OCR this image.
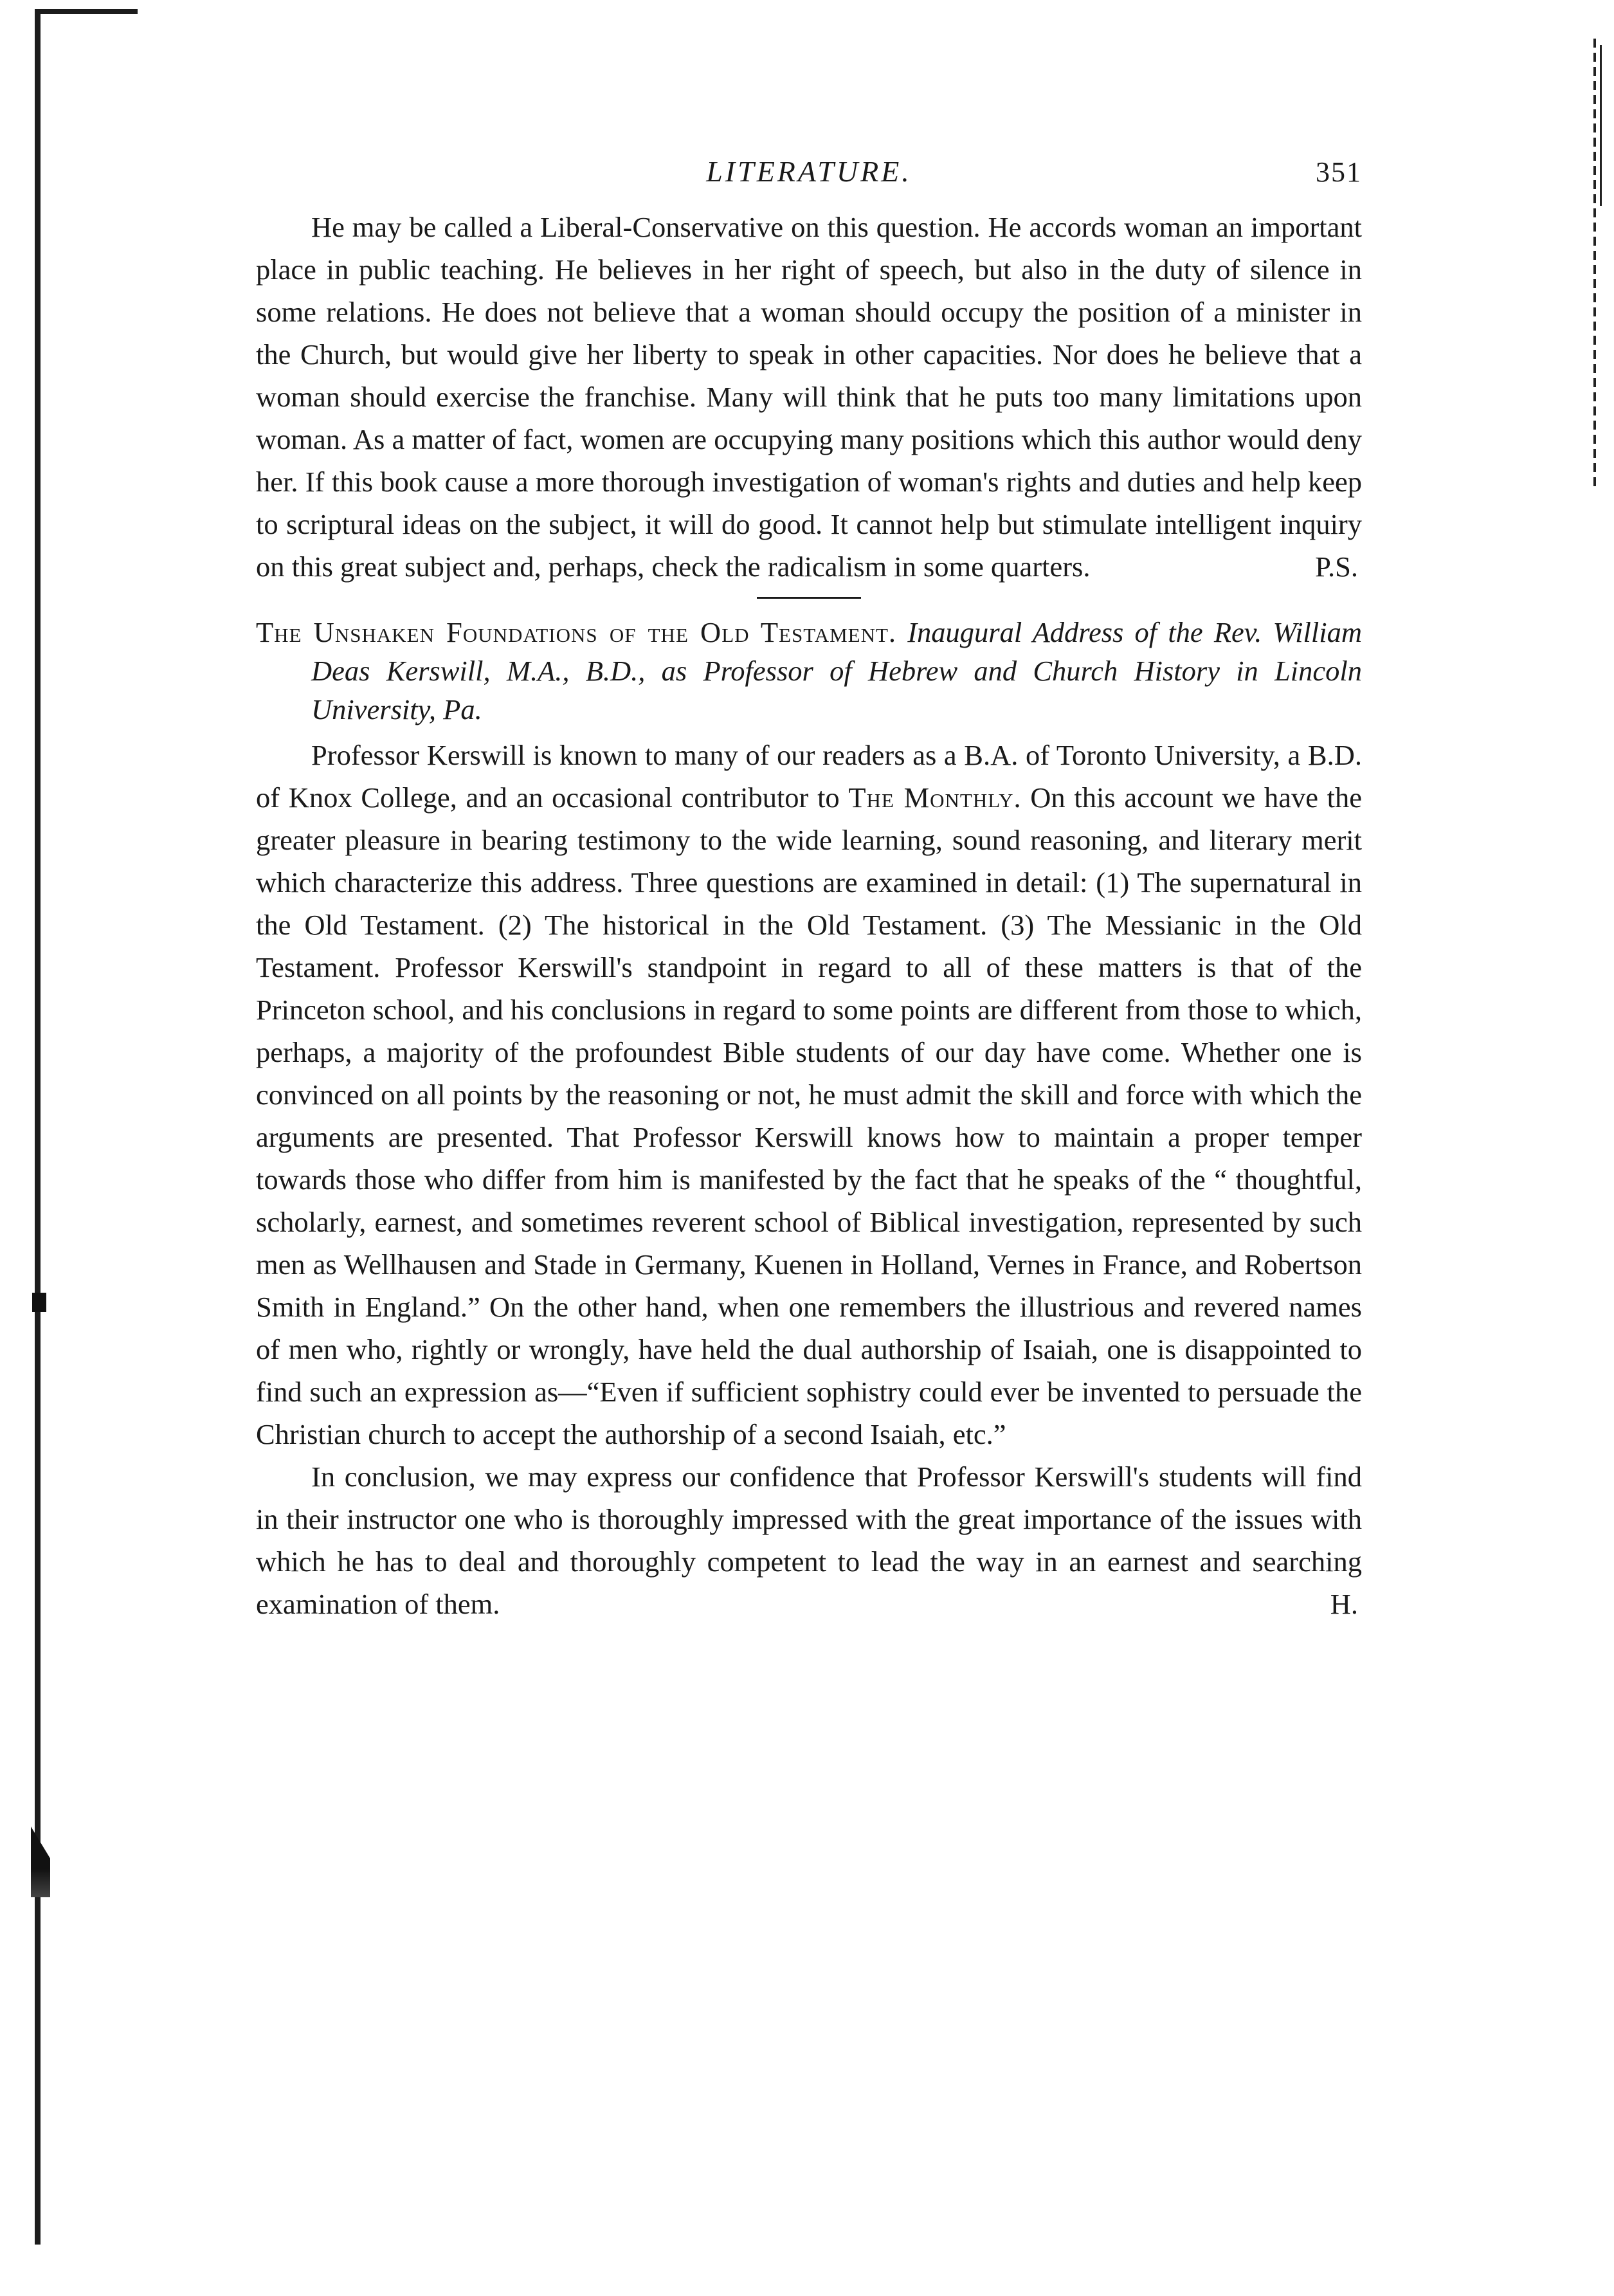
LITERATURE.	351

He may be called a Liberal-Conservative on this question. He accords woman an important place in public teaching. He believes in her right of speech, but also in the duty of silence in some relations. He does not believe that a woman should occupy the position of a minister in the Church, but would give her liberty to speak in other capacities. Nor does he believe that a woman should exercise the franchise. Many will think that he puts too many limitations upon woman. As a matter of fact, women are occupying many positions which this author would deny her. If this book cause a more thorough investigation of woman's rights and duties and help keep to scriptural ideas on the subject, it will do good. It cannot help but stimulate intelligent inquiry on this great subject and, perhaps, check the radicalism in some quarters.	P.S.

The Unshaken Foundations of the Old Testament. Inaugural Address of the Rev. William Deas Kerswill, M.A., B.D., as Professor of Hebrew and Church History in Lincoln University, Pa.

Professor Kerswill is known to many of our readers as a B.A. of Toronto University, a B.D. of Knox College, and an occasional contributor to The Monthly. On this account we have the greater pleasure in bearing testimony to the wide learning, sound reasoning, and literary merit which characterize this address. Three questions are examined in detail: (1) The supernatural in the Old Testament. (2) The historical in the Old Testament. (3) The Messianic in the Old Testament. Professor Kerswill's standpoint in regard to all of these matters is that of the Princeton school, and his conclusions in regard to some points are different from those to which, perhaps, a majority of the profoundest Bible students of our day have come. Whether one is convinced on all points by the reasoning or not, he must admit the skill and force with which the arguments are presented. That Professor Kerswill knows how to maintain a proper temper towards those who differ from him is manifested by the fact that he speaks of the “ thoughtful, scholarly, earnest, and sometimes reverent school of Biblical investigation, represented by such men as Wellhausen and Stade in Germany, Kuenen in Holland, Vernes in France, and Robertson Smith in England.” On the other hand, when one remembers the illustrious and revered names of men who, rightly or wrongly, have held the dual authorship of Isaiah, one is disappointed to find such an expression as—“Even if sufficient sophistry could ever be invented to persuade the Christian church to accept the authorship of a second Isaiah, etc.”

In conclusion, we may express our confidence that Professor Kerswill's students will find in their instructor one who is thoroughly impressed with the great importance of the issues with which he has to deal and thoroughly competent to lead the way in an earnest and searching examination of them.	H.
